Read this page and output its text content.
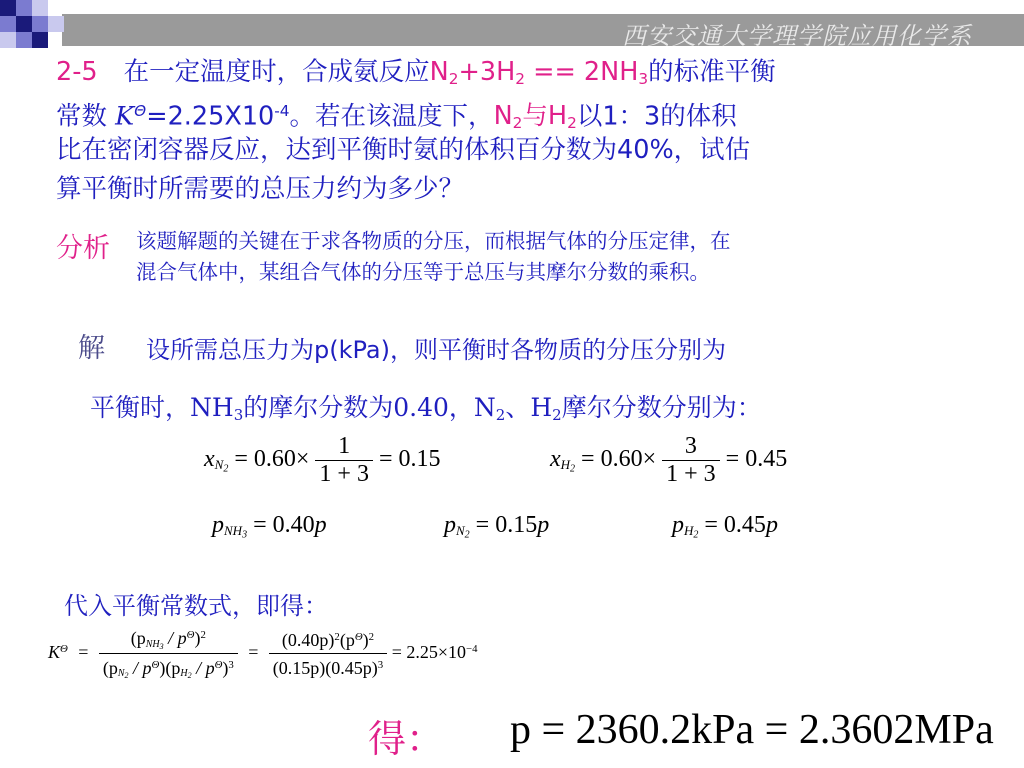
西安交通大学理学院应用化学系
2-5 在一定温度时，合成氨反应$N_2+3H_2 == 2NH_3$的标准平衡
常数 $K^\Theta=2.25X10^{-4}$。若在该温度下，$N_2$与$H_2$以1：3的体积
比在密闭容器反应，达到平衡时氨的体积百分数为40%，试估
算平衡时所需要的总压力约为多少？
分析 该题解题的关键在于求各物质的分压，而根据气体的分压定律，在
混合气体中，某组合气体的分压等于总压与其摩尔分数的乘积。
解 设所需总压力为p(kPa)，则平衡时各物质的分压分别为
平衡时，$NH_3$的摩尔分数为0.40，$N_2$、$H_2$摩尔分数分别为：
$x_{N_2} = 0.60\times \frac{1}{1 + 3} = 0.15$	$x_{H_2} = 0.60\times \frac{3}{1 + 3} = 0.45$
$p_{NH_3} = 0.40p$	$p_{N_2} = 0.15p$	$p_{H_2} = 0.45p$
代入平衡常数式，即得：
$K^\Theta = \frac{(p_{NH_3} / p^\Theta)^2}{(p_{N_2} / p^\Theta)(p_{H_2} / p^\Theta)^3} = \frac{(0.40p)^2(p^\Theta)^2}{(0.15p)(0.45p)^3} = 2.25\times 10^{-4}$
得： p = 2360.2kPa = 2.3602MPa
